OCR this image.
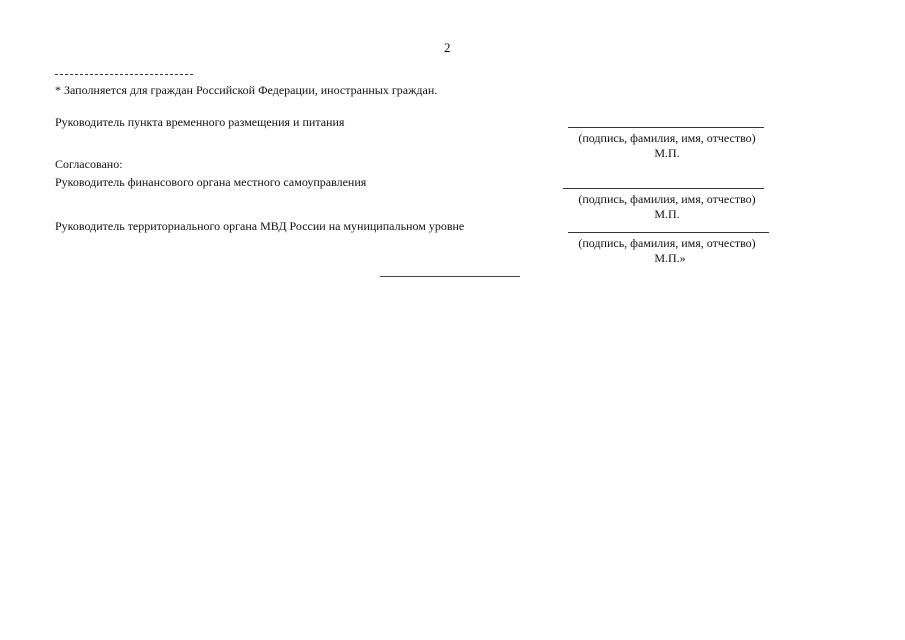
2
* Заполняется для граждан Российской Федерации, иностранных граждан.
Руководитель пункта временного размещения и питания
(подпись, фамилия, имя, отчество)
М.П.
Согласовано:
Руководитель финансового органа местного самоуправления
(подпись, фамилия, имя, отчество)
М.П.
Руководитель территориального органа МВД России на муниципальном уровне
(подпись, фамилия, имя, отчество)
М.П.»
